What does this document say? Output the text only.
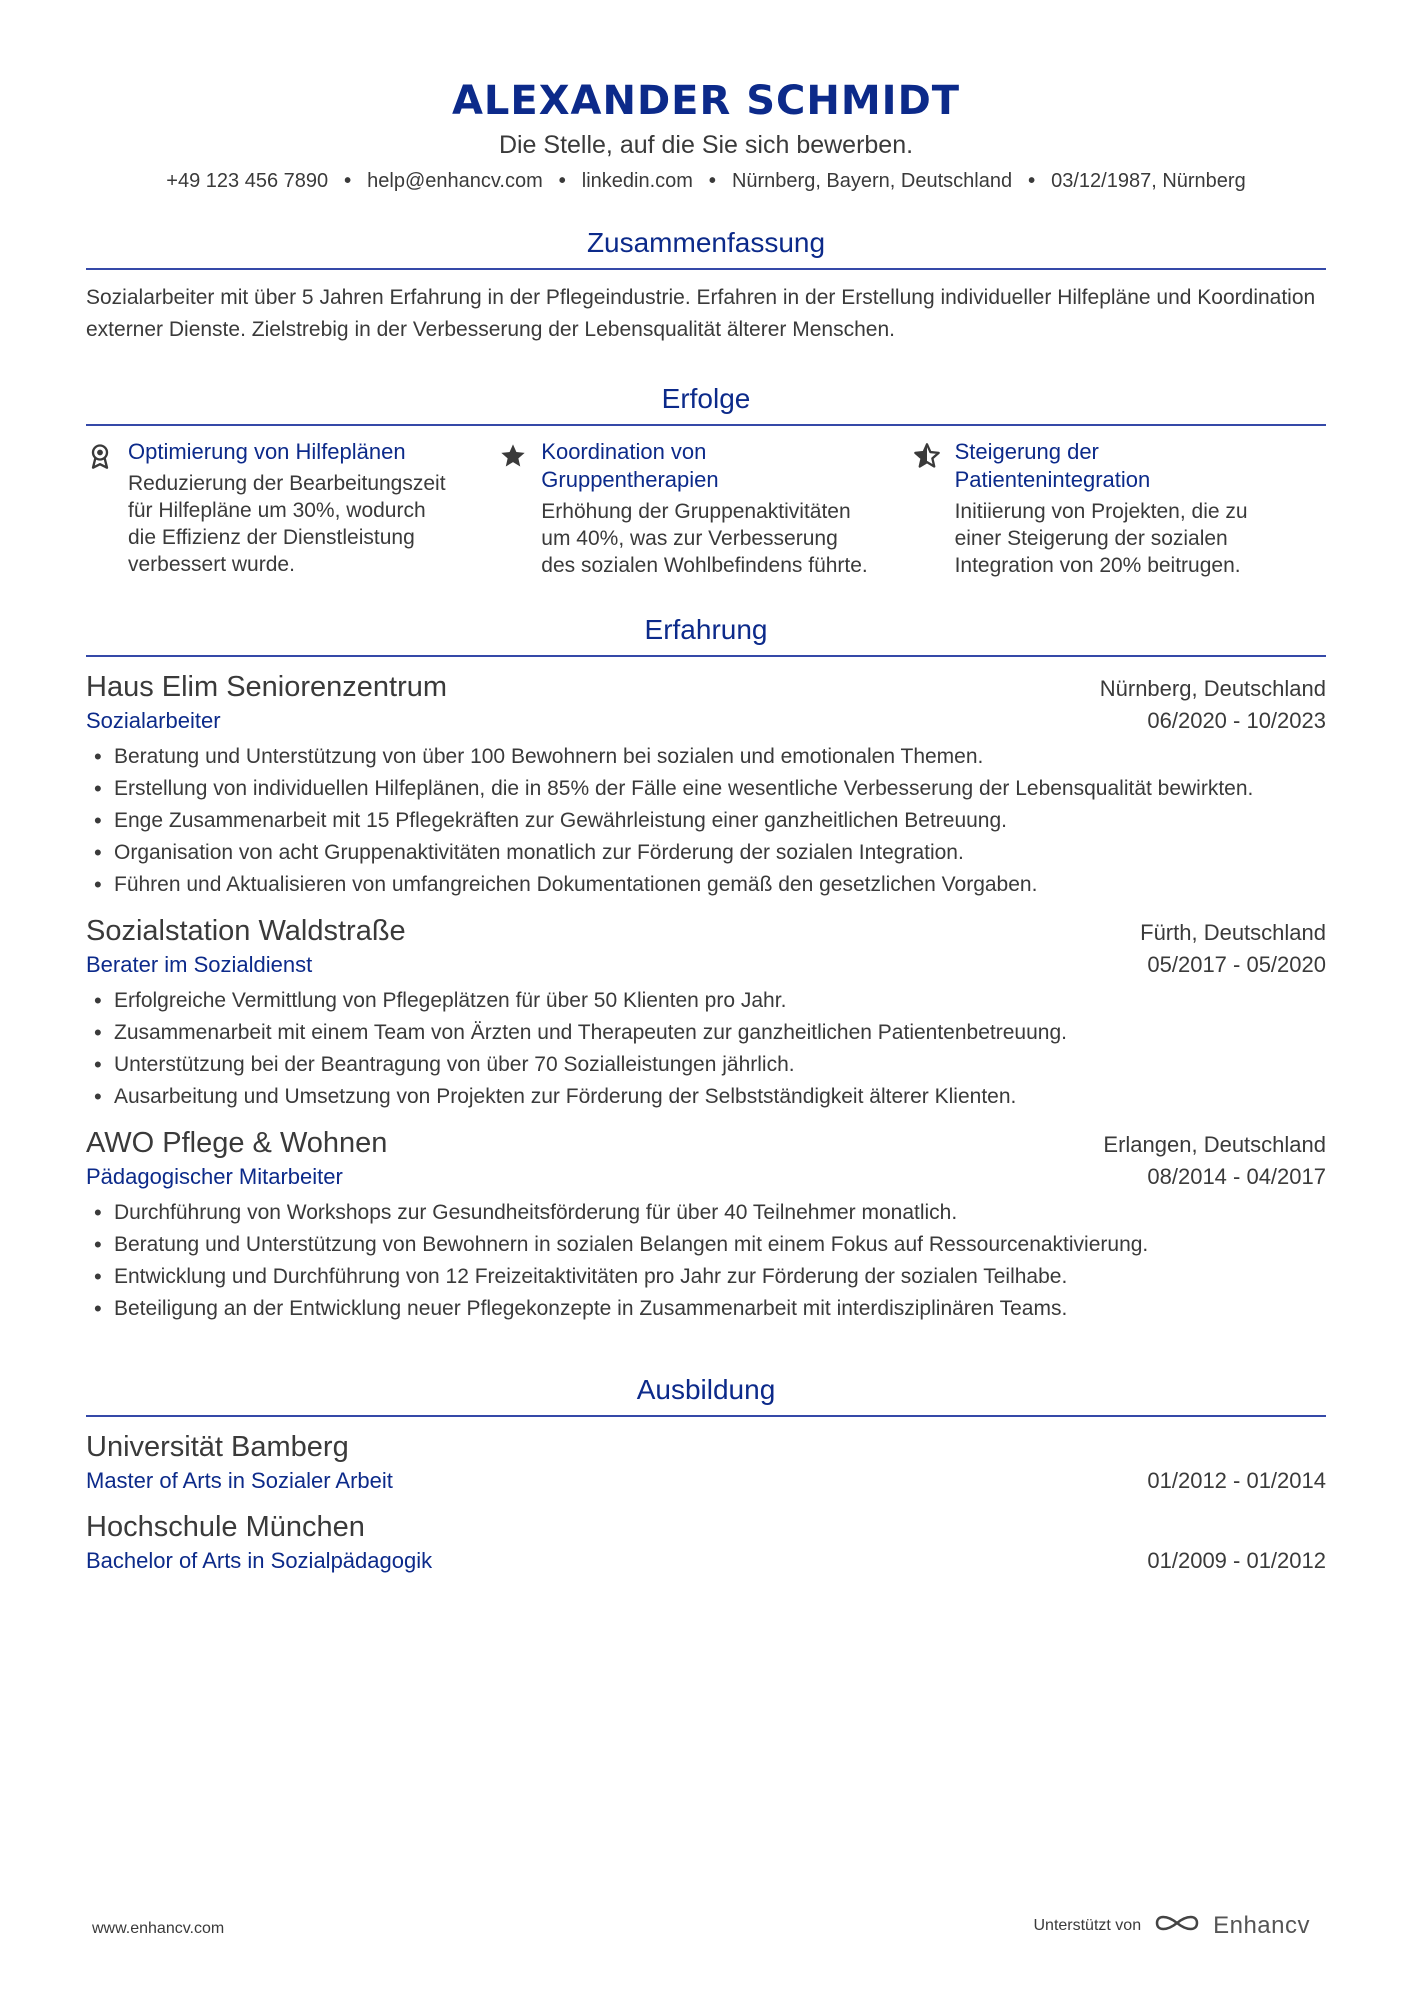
ALEXANDER SCHMIDT
Die Stelle, auf die Sie sich bewerben.
+49 123 456 7890 • help@enhancv.com • linkedin.com • Nürnberg, Bayern, Deutschland • 03/12/1987, Nürnberg
Zusammenfassung
Sozialarbeiter mit über 5 Jahren Erfahrung in der Pflegeindustrie. Erfahren in der Erstellung individueller Hilfepläne und Koordination externer Dienste. Zielstrebig in der Verbesserung der Lebensqualität älterer Menschen.
Erfolge
Optimierung von Hilfeplänen
Reduzierung der Bearbeitungszeit für Hilfepläne um 30%, wodurch die Effizienz der Dienstleistung verbessert wurde.
Koordination von Gruppentherapien
Erhöhung der Gruppenaktivitäten um 40%, was zur Verbesserung des sozialen Wohlbefindens führte.
Steigerung der Patientenintegration
Initiierung von Projekten, die zu einer Steigerung der sozialen Integration von 20% beitrugen.
Erfahrung
Haus Elim Seniorenzentrum	Nürnberg, Deutschland
Sozialarbeiter	06/2020 - 10/2023
• Beratung und Unterstützung von über 100 Bewohnern bei sozialen und emotionalen Themen.
• Erstellung von individuellen Hilfeplänen, die in 85% der Fälle eine wesentliche Verbesserung der Lebensqualität bewirkten.
• Enge Zusammenarbeit mit 15 Pflegekräften zur Gewährleistung einer ganzheitlichen Betreuung.
• Organisation von acht Gruppenaktivitäten monatlich zur Förderung der sozialen Integration.
• Führen und Aktualisieren von umfangreichen Dokumentationen gemäß den gesetzlichen Vorgaben.
Sozialstation Waldstraße	Fürth, Deutschland
Berater im Sozialdienst	05/2017 - 05/2020
• Erfolgreiche Vermittlung von Pflegeplätzen für über 50 Klienten pro Jahr.
• Zusammenarbeit mit einem Team von Ärzten und Therapeuten zur ganzheitlichen Patientenbetreuung.
• Unterstützung bei der Beantragung von über 70 Sozialleistungen jährlich.
• Ausarbeitung und Umsetzung von Projekten zur Förderung der Selbstständigkeit älterer Klienten.
AWO Pflege & Wohnen	Erlangen, Deutschland
Pädagogischer Mitarbeiter	08/2014 - 04/2017
• Durchführung von Workshops zur Gesundheitsförderung für über 40 Teilnehmer monatlich.
• Beratung und Unterstützung von Bewohnern in sozialen Belangen mit einem Fokus auf Ressourcenaktivierung.
• Entwicklung und Durchführung von 12 Freizeitaktivitäten pro Jahr zur Förderung der sozialen Teilhabe.
• Beteiligung an der Entwicklung neuer Pflegekonzepte in Zusammenarbeit mit interdisziplinären Teams.
Ausbildung
Universität Bamberg
Master of Arts in Sozialer Arbeit	01/2012 - 01/2014
Hochschule München
Bachelor of Arts in Sozialpädagogik	01/2009 - 01/2012
www.enhancv.com	Unterstützt von	Enhancv
